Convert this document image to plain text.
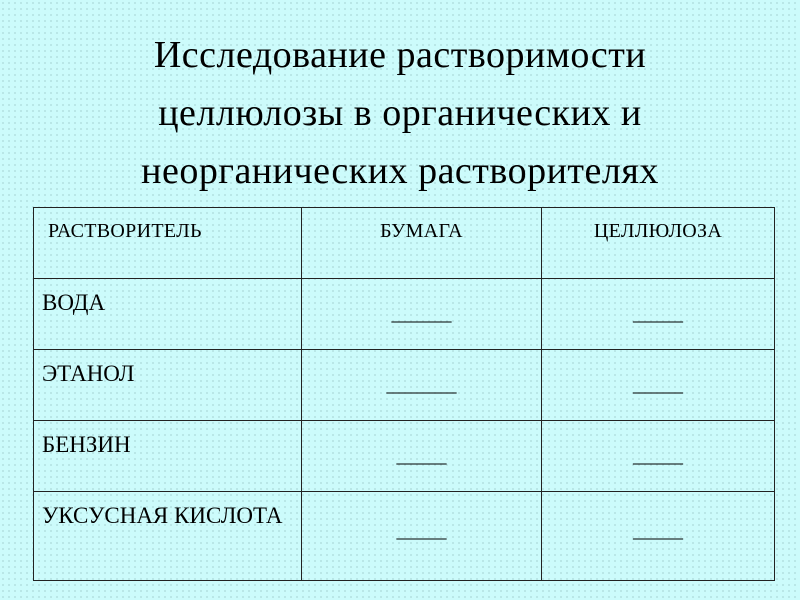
Исследование растворимости
целлюлозы в органических и
неорганических растворителях
РАСТВОРИТЕЛЬ	БУМАГА	ЦЕЛЛЮЛОЗА
ВОДА	______	_____
ЭТАНОЛ	_______	_____
БЕНЗИН	_____	_____
УКСУСНАЯ КИСЛОТА	_____	_____
